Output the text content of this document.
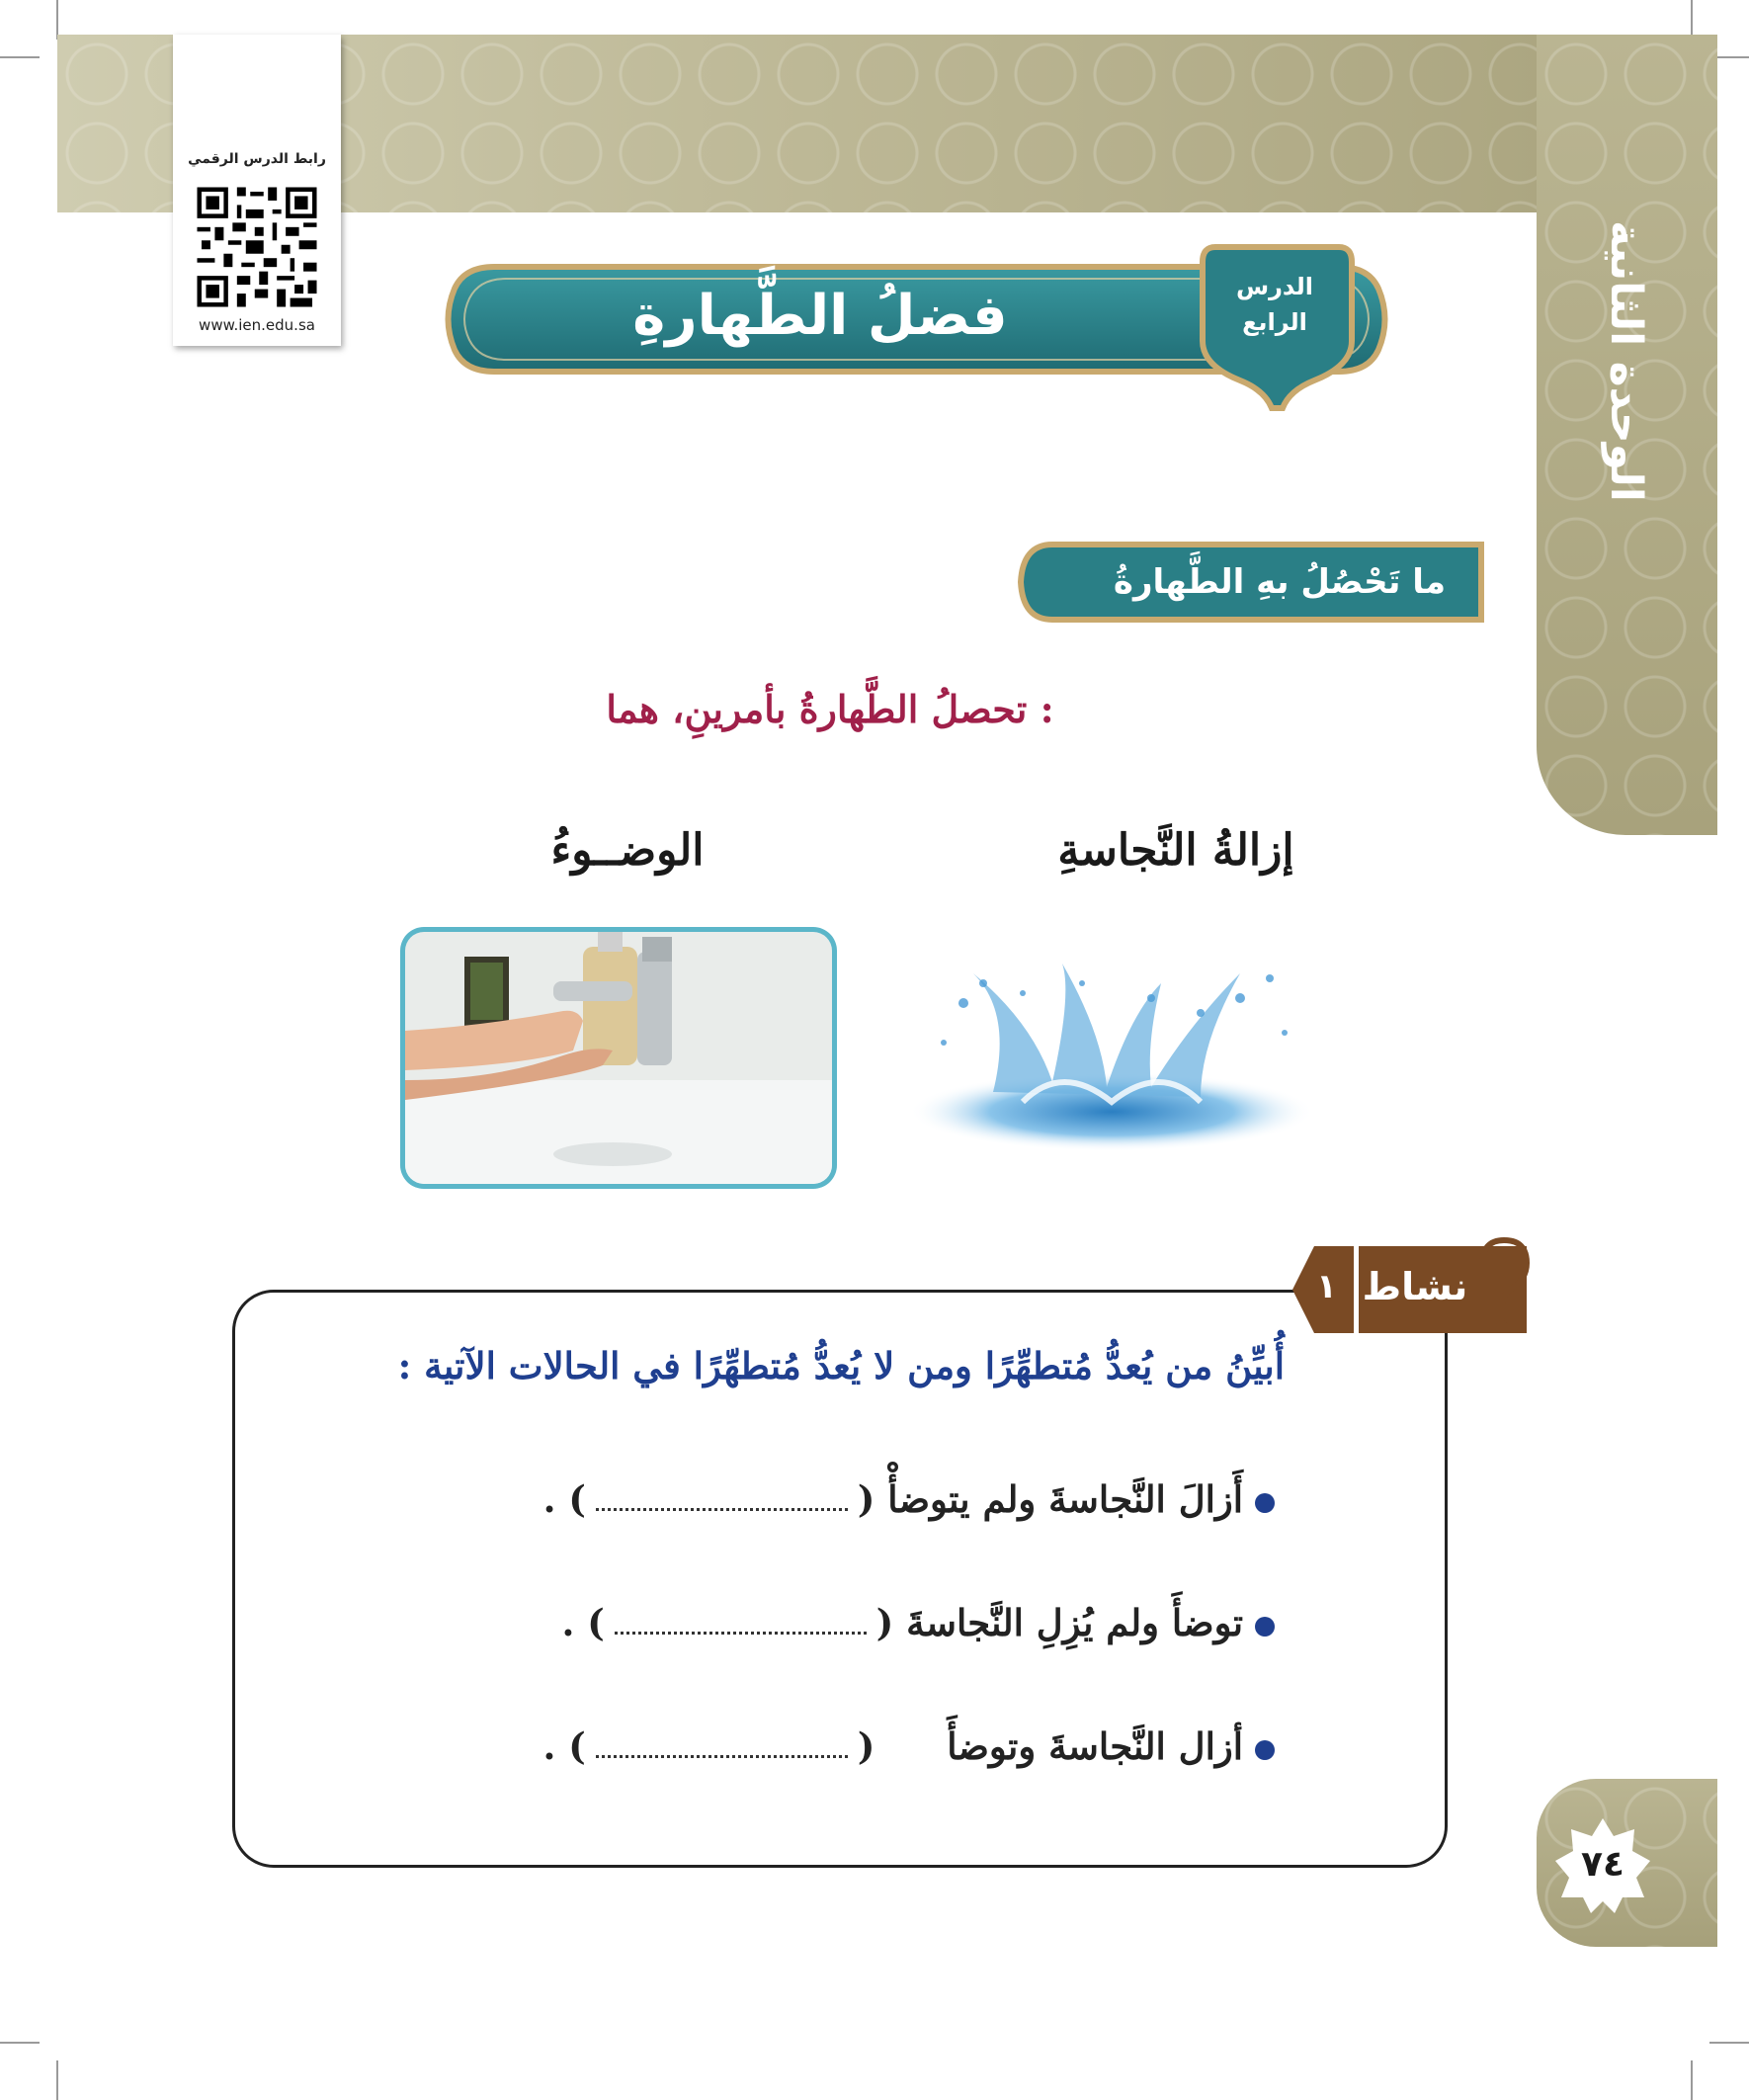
الوحدة الثانية
رابط الدرس الرقمي
www.ien.edu.sa	فضلُ الطَّهارةِ	الدرس
الرابع
ما تَحْصُلُ بهِ الطَّهارةُ
تحصلُ الطَّهارةُ بأمرينِ، هما :
إزالةُ النَّجاسةِ
الوضــوءُ
نشاط
١
أُبيِّنُ من يُعدُّ مُتطهِّرًا ومن لا يُعدُّ مُتطهِّرًا في الحالات الآتية :
أَزالَ النَّجاسةَ ولم يتوضأْ () .
توضأَ ولم يُزِلِ النَّجاسةَ () .
أزال النَّجاسةَ وتوضأَ () .
٧٤
